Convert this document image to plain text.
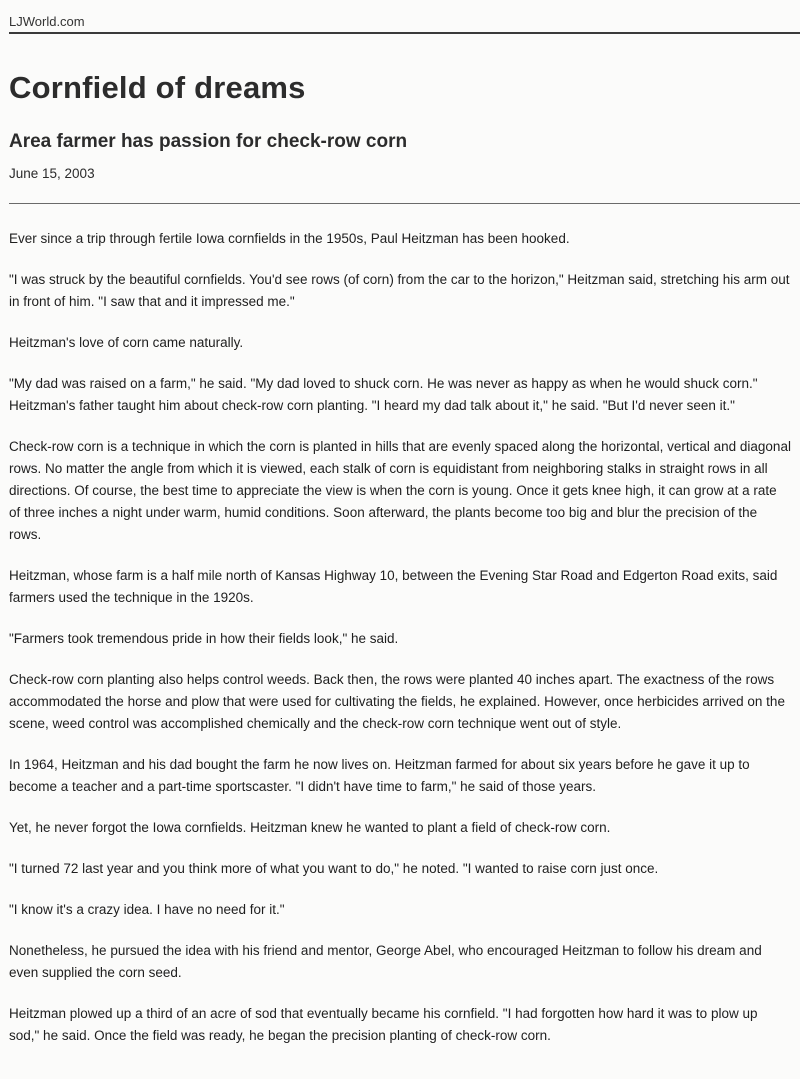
LJWorld.com
Cornfield of dreams
Area farmer has passion for check-row corn
June 15, 2003

Ever since a trip through fertile Iowa cornfields in the 1950s, Paul Heitzman has been hooked.

"I was struck by the beautiful cornfields. You'd see rows (of corn) from the car to the horizon," Heitzman said, stretching his arm out in front of him. "I saw that and it impressed me."

Heitzman's love of corn came naturally.

"My dad was raised on a farm," he said. "My dad loved to shuck corn. He was never as happy as when he would shuck corn." Heitzman's father taught him about check-row corn planting. "I heard my dad talk about it," he said. "But I'd never seen it."

Check-row corn is a technique in which the corn is planted in hills that are evenly spaced along the horizontal, vertical and diagonal rows. No matter the angle from which it is viewed, each stalk of corn is equidistant from neighboring stalks in straight rows in all directions. Of course, the best time to appreciate the view is when the corn is young. Once it gets knee high, it can grow at a rate of three inches a night under warm, humid conditions. Soon afterward, the plants become too big and blur the precision of the rows.

Heitzman, whose farm is a half mile north of Kansas Highway 10, between the Evening Star Road and Edgerton Road exits, said farmers used the technique in the 1920s.

"Farmers took tremendous pride in how their fields look," he said.

Check-row corn planting also helps control weeds. Back then, the rows were planted 40 inches apart. The exactness of the rows accommodated the horse and plow that were used for cultivating the fields, he explained. However, once herbicides arrived on the scene, weed control was accomplished chemically and the check-row corn technique went out of style.

In 1964, Heitzman and his dad bought the farm he now lives on. Heitzman farmed for about six years before he gave it up to become a teacher and a part-time sportscaster. "I didn't have time to farm," he said of those years.

Yet, he never forgot the Iowa cornfields. Heitzman knew he wanted to plant a field of check-row corn.

"I turned 72 last year and you think more of what you want to do," he noted. "I wanted to raise corn just once.

"I know it's a crazy idea. I have no need for it."

Nonetheless, he pursued the idea with his friend and mentor, George Abel, who encouraged Heitzman to follow his dream and even supplied the corn seed.

Heitzman plowed up a third of an acre of sod that eventually became his cornfield. "I had forgotten how hard it was to plow up sod," he said. Once the field was ready, he began the precision planting of check-row corn.
